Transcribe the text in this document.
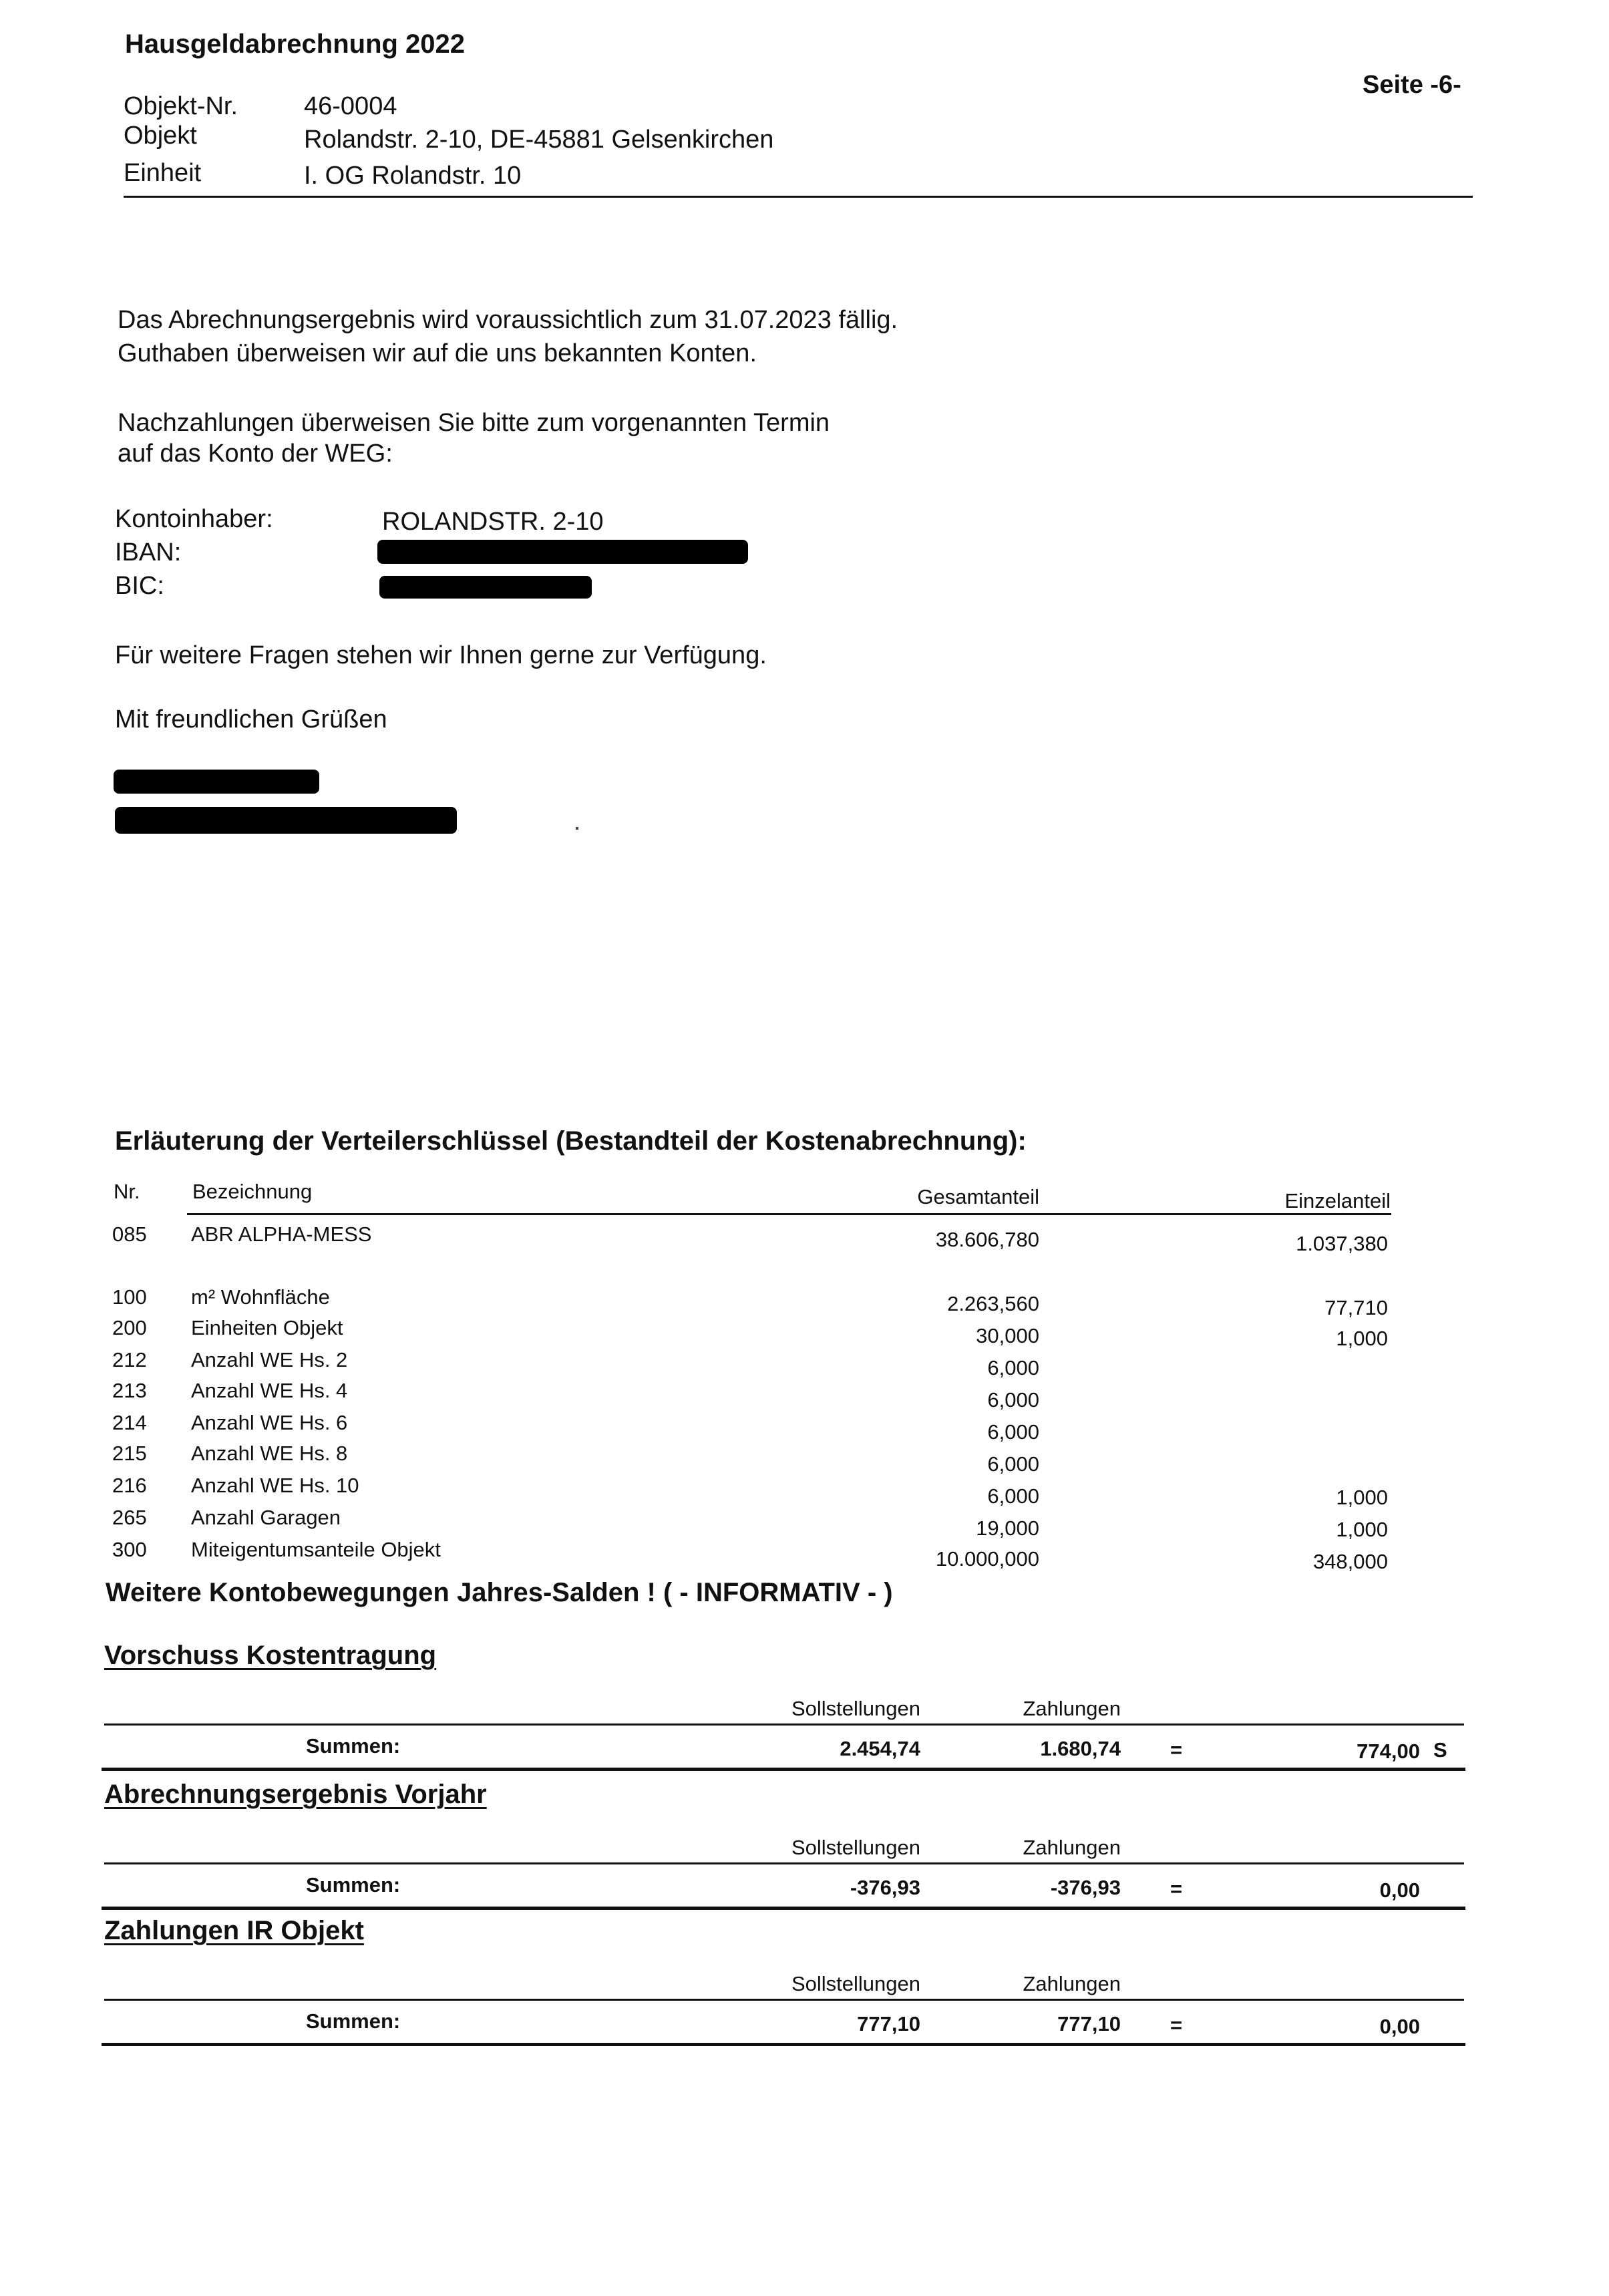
Hausgeldabrechnung 2022
Seite -6-
Objekt-Nr.	46-0004
Objekt	Rolandstr. 2-10, DE-45881 Gelsenkirchen
Einheit	I. OG Rolandstr. 10
Das Abrechnungsergebnis wird voraussichtlich zum 31.07.2023 fällig.
Guthaben überweisen wir auf die uns bekannten Konten.
Nachzahlungen überweisen Sie bitte zum vorgenannten Termin
auf das Konto der WEG:
Kontoinhaber:	ROLANDSTR. 2-10
IBAN:
BIC:
Für weitere Fragen stehen wir Ihnen gerne zur Verfügung.
Mit freundlichen Grüßen
Erläuterung der Verteilerschlüssel (Bestandteil der Kostenabrechnung):
Nr.	Bezeichnung	Gesamtanteil	Einzelanteil
085 ABR ALPHA-MESS	38.606,780	1.037,380
100 m² Wohnfläche	2.263,560	77,710
200 Einheiten Objekt	30,000	1,000
212 Anzahl WE Hs. 2	6,000
213 Anzahl WE Hs. 4	6,000
214 Anzahl WE Hs. 6	6,000
215 Anzahl WE Hs. 8	6,000
216 Anzahl WE Hs. 10	6,000	1,000
265 Anzahl Garagen	19,000	1,000
300 Miteigentumsanteile Objekt	10.000,000	348,000
Weitere Kontobewegungen Jahres-Salden ! ( - INFORMATIV - )
Vorschuss Kostentragung
Sollstellungen	Zahlungen
Summen:	2.454,74	1.680,74 =	774,00 S
Abrechnungsergebnis Vorjahr
Sollstellungen	Zahlungen
Summen:	-376,93	-376,93 =	0,00
Zahlungen IR Objekt
Sollstellungen	Zahlungen
Summen:	777,10	777,10 =	0,00
